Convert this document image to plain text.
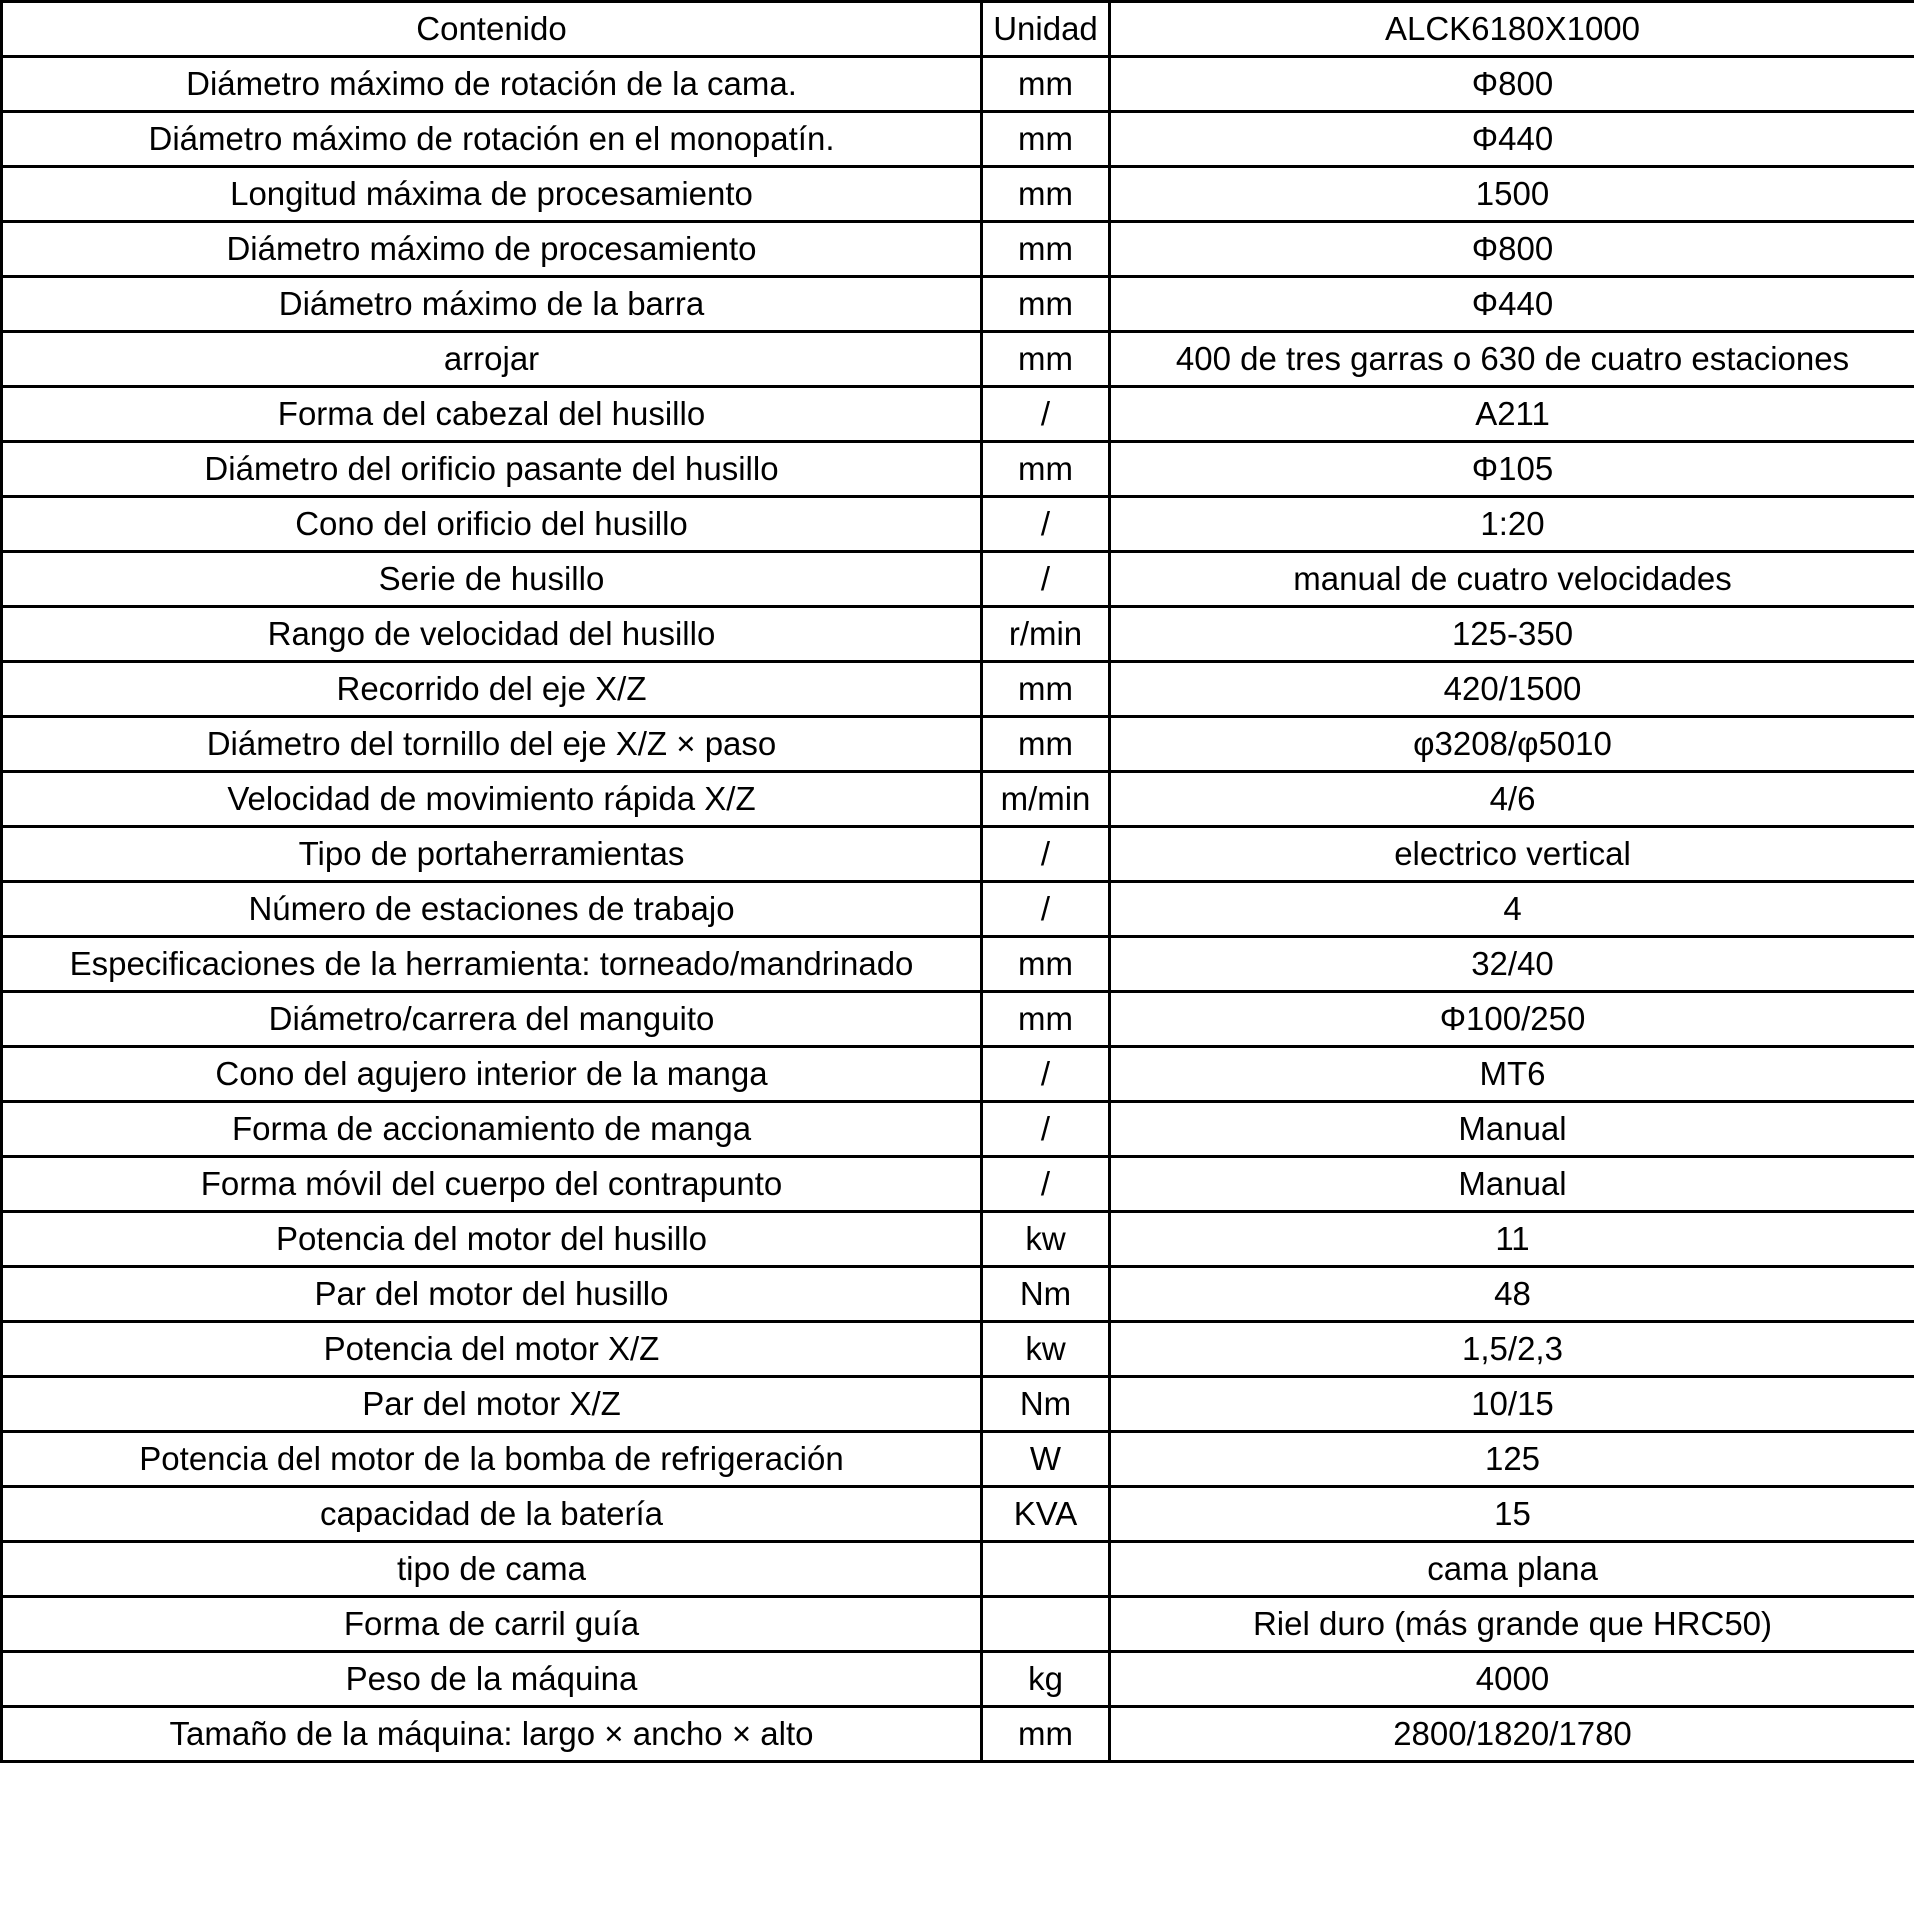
Contenido	Unidad	ALCK6180X1000
Diámetro máximo de rotación de la cama.	mm	Φ800
Diámetro máximo de rotación en el monopatín.	mm	Φ440
Longitud máxima de procesamiento	mm	1500
Diámetro máximo de procesamiento	mm	Φ800
Diámetro máximo de la barra	mm	Φ440
arrojar	mm	400 de tres garras o 630 de cuatro estaciones
Forma del cabezal del husillo	/	A211
Diámetro del orificio pasante del husillo	mm	Φ105
Cono del orificio del husillo	/	1:20
Serie de husillo	/	manual de cuatro velocidades
Rango de velocidad del husillo	r/min	125-350
Recorrido del eje X/Z	mm	420/1500
Diámetro del tornillo del eje X/Z × paso	mm	φ3208/φ5010
Velocidad de movimiento rápida X/Z	m/min	4/6
Tipo de portaherramientas	/	electrico vertical
Número de estaciones de trabajo	/	4
Especificaciones de la herramienta: torneado/mandrinado	mm	32/40
Diámetro/carrera del manguito	mm	Φ100/250
Cono del agujero interior de la manga	/	MT6
Forma de accionamiento de manga	/	Manual
Forma móvil del cuerpo del contrapunto	/	Manual
Potencia del motor del husillo	kw	11
Par del motor del husillo	Nm	48
Potencia del motor X/Z	kw	1,5/2,3
Par del motor X/Z	Nm	10/15
Potencia del motor de la bomba de refrigeración	W	125
capacidad de la batería	KVA	15
tipo de cama		cama plana
Forma de carril guía		Riel duro (más grande que HRC50)
Peso de la máquina	kg	4000
Tamaño de la máquina: largo × ancho × alto	mm	2800/1820/1780
